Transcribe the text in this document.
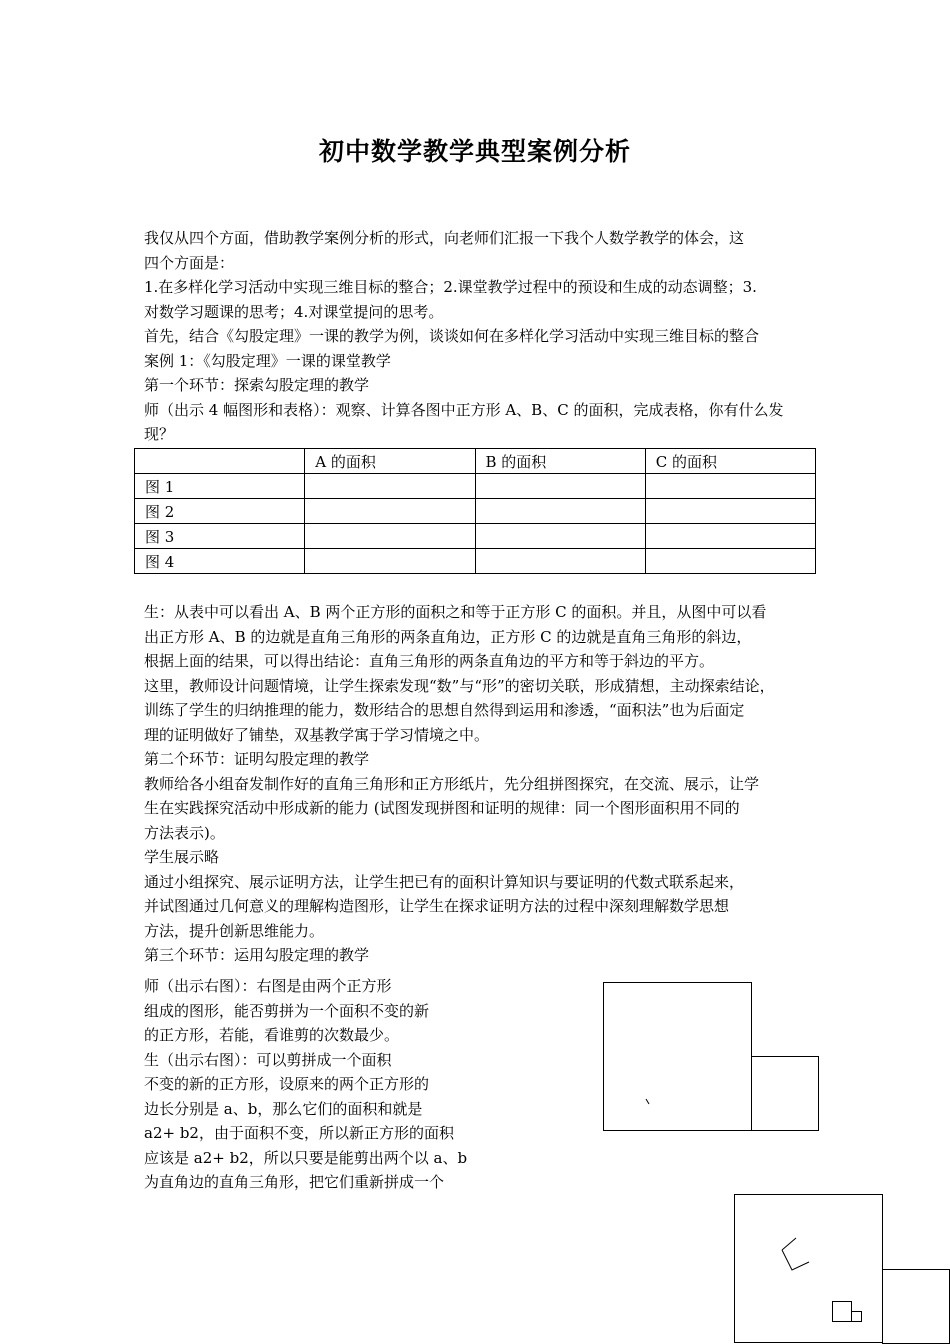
初中数学教学典型案例分析
我仅从四个方面，借助教学案例分析的形式，向老师们汇报一下我个人数学教学的体会，这
四个方面是：
1.在多样化学习活动中实现三维目标的整合；2.课堂教学过程中的预设和生成的动态调整；3.
对数学习题课的思考；4.对课堂提问的思考。
首先，结合《勾股定理》一课的教学为例，谈谈如何在多样化学习活动中实现三维目标的整合
案例 1：《勾股定理》一课的课堂教学
第一个环节：探索勾股定理的教学
师（出示 4 幅图形和表格）：观察、计算各图中正方形 A、B、C 的面积，完成表格，你有什么发
现？
	A 的面积	B 的面积	C 的面积
图 1			
图 2			
图 3			
图 4			
生：从表中可以看出 A、B 两个正方形的面积之和等于正方形 C 的面积。并且，从图中可以看
出正方形 A、B 的边就是直角三角形的两条直角边，正方形 C 的边就是直角三角形的斜边，
根据上面的结果，可以得出结论：直角三角形的两条直角边的平方和等于斜边的平方。
这里，教师设计问题情境，让学生探索发现“数”与“形”的密切关联，形成猜想，主动探索结论，
训练了学生的归纳推理的能力，数形结合的思想自然得到运用和渗透，“面积法”也为后面定
理的证明做好了铺垫，双基教学寓于学习情境之中。
第二个环节：证明勾股定理的教学
教师给各小组奋发制作好的直角三角形和正方形纸片，先分组拼图探究，在交流、展示，让学
生在实践探究活动中形成新的能力 (试图发现拼图和证明的规律：同一个图形面积用不同的
方法表示)。
学生展示略
通过小组探究、展示证明方法，让学生把已有的面积计算知识与要证明的代数式联系起来，
并试图通过几何意义的理解构造图形，让学生在探求证明方法的过程中深刻理解数学思想
方法，提升创新思维能力。
第三个环节：运用勾股定理的教学
师（出示右图）：右图是由两个正方形
组成的图形，能否剪拼为一个面积不变的新
的正方形，若能，看谁剪的次数最少。
生（出示右图）：可以剪拼成一个面积
不变的新的正方形，设原来的两个正方形的
边长分别是 a、b，那么它们的面积和就是
a2+ b2，由于面积不变，所以新正方形的面积
应该是 a2+ b2，所以只要是能剪出两个以 a、b
为直角边的直角三角形，把它们重新拼成一个
